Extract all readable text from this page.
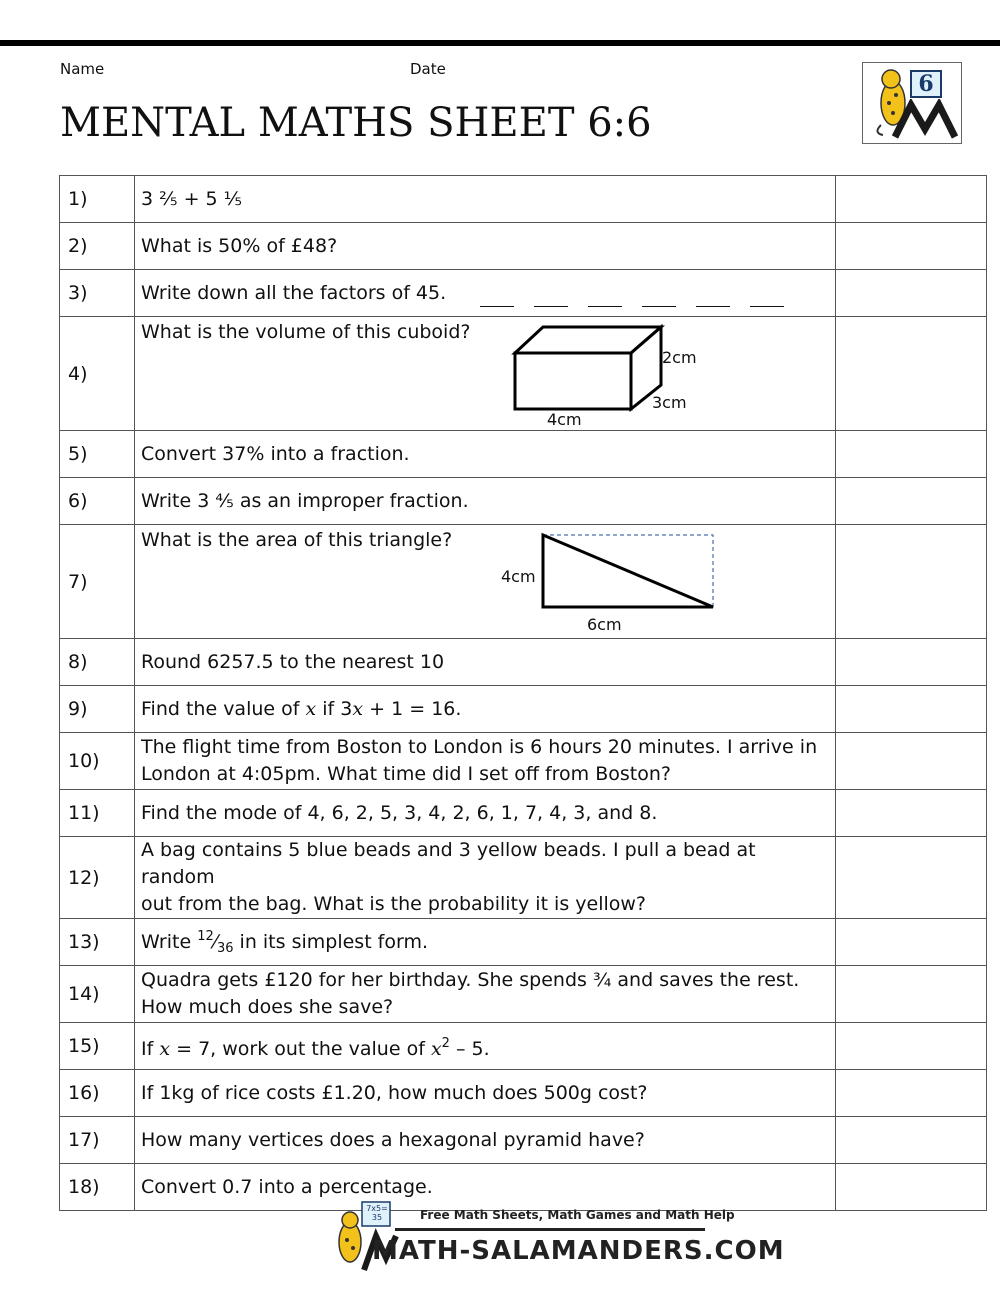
Name	Date
MENTAL MATHS SHEET 6:6
6
1)	3 ⅖ + 5 ⅕	
2)	What is 50% of £48?	
3)	Write down all the factors of 45.	
4)	What is the volume of this cuboid?
2cm
3cm
4cm	

5)	Convert 37% into a fraction.	
6)	Write 3 ⅘ as an improper fraction.	
7)	What is the area of this triangle?
4cm
6cm	

8)	Round 6257.5 to the nearest 10	
9)	Find the value of x if 3x + 1 = 16.	
10)	The flight time from Boston to London is 6 hours 20 minutes. I arrive in
London at 4:05pm. What time did I set off from Boston?	

11)	Find the mode of 4, 6, 2, 5, 3, 4, 2, 6, 1, 7, 4, 3, and 8.	
12)	A bag contains 5 blue beads and 3 yellow beads. I pull a bead at random
out from the bag. What is the probability it is yellow?	

13)	Write $^{12}⁄_{36}$ in its simplest form.	
14)	Quadra gets £120 for her birthday. She spends ¾ and saves the rest.
How much does she save?	

15)	If x = 7, work out the value of $x^2 - 5$.	
16)	If 1kg of rice costs £1.20, how much does 500g cost?	
17)	How many vertices does a hexagonal pyramid have?	
18)	Convert 0.7 into a percentage.	
7x5= 35	Free Math Sheets, Math Games and Math Help
MATH-SALAMANDERS.COM
